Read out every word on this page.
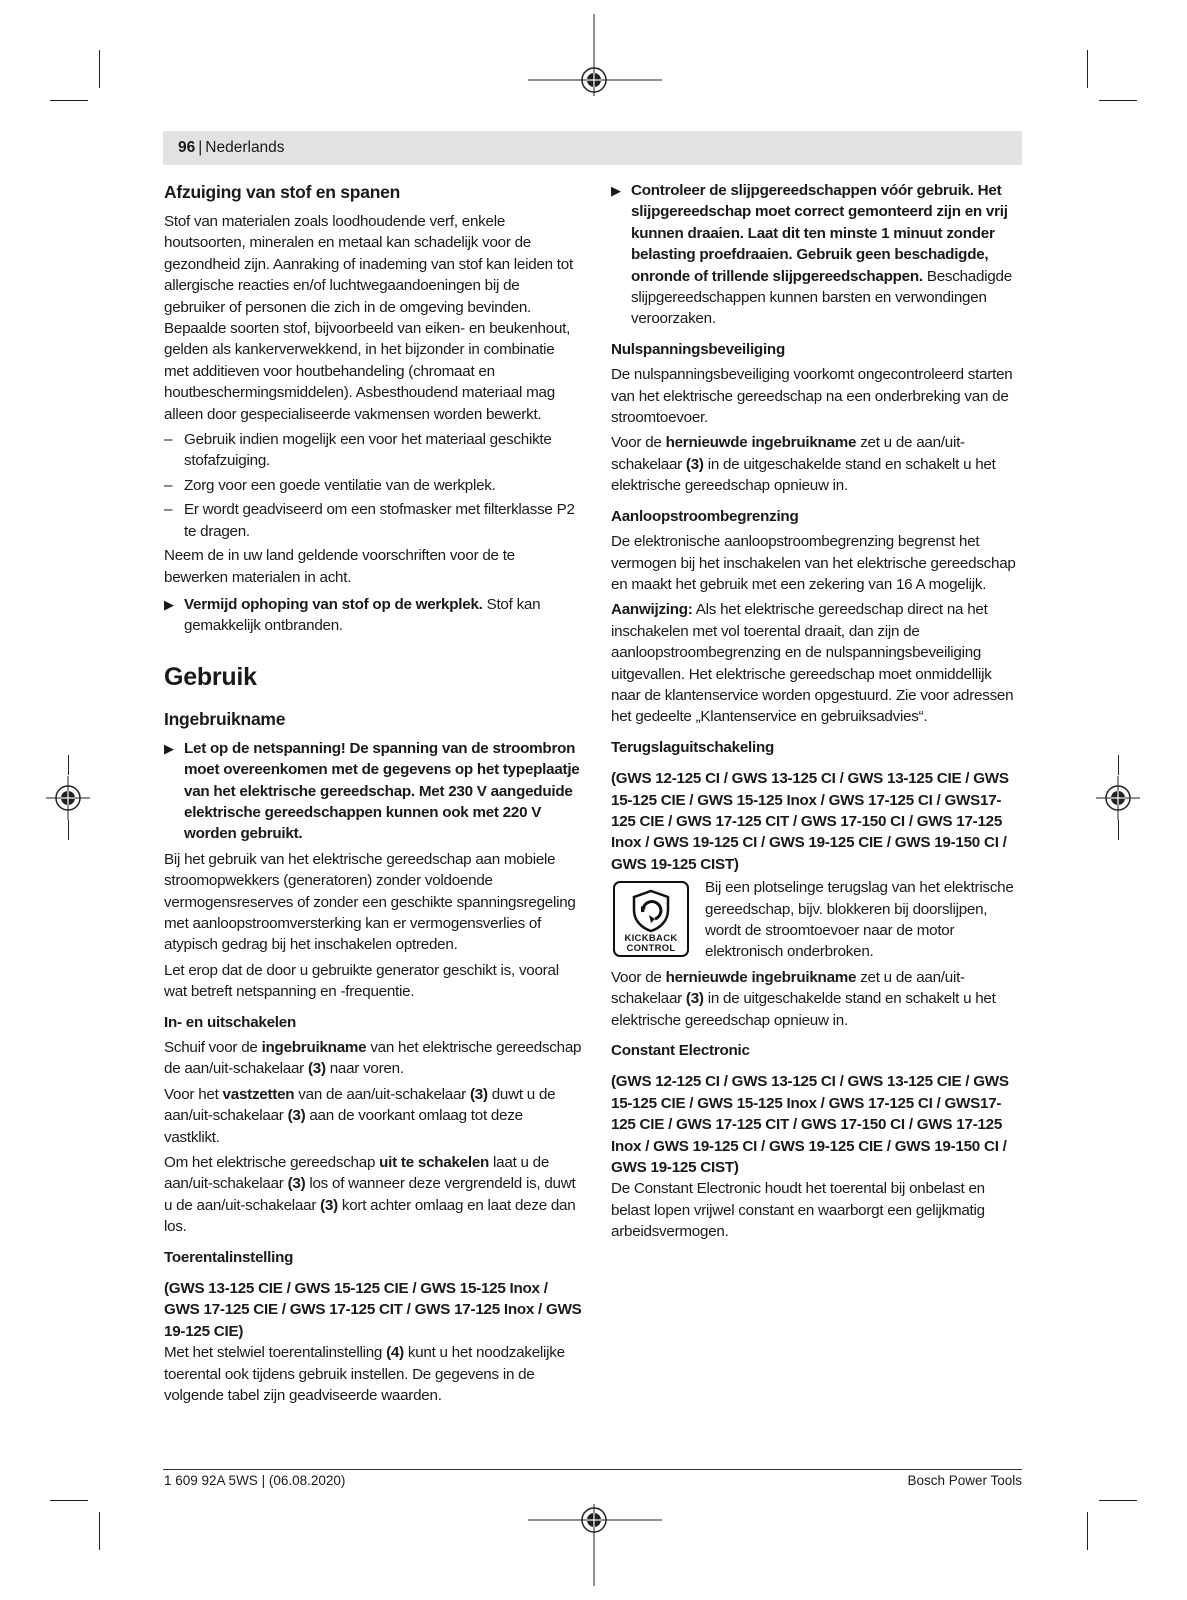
96 | Nederlands
Afzuiging van stof en spanen

Stof van materialen zoals loodhoudende verf, enkele houtsoorten, mineralen en metaal kan schadelijk voor de gezondheid zijn. Aanraking of inademing van stof kan leiden tot allergische reacties en/of luchtwegaandoeningen bij de gebruiker of personen die zich in de omgeving bevinden. Bepaalde soorten stof, bijvoorbeeld van eiken- en beukenhout, gelden als kankerverwekkend, in het bijzonder in combinatie met additieven voor houtbehandeling (chromaat en houtbeschermingsmiddelen). Asbesthoudend materiaal mag alleen door gespecialiseerde vakmensen worden bewerkt.

– Gebruik indien mogelijk een voor het materiaal geschikte stofafzuiging.
– Zorg voor een goede ventilatie van de werkplek.
– Er wordt geadviseerd om een stofmasker met filterklasse P2 te dragen.

Neem de in uw land geldende voorschriften voor de te bewerken materialen in acht.

▶ Vermijd ophoping van stof op de werkplek. Stof kan gemakkelijk ontbranden.
Gebruik
Ingebruikname
▶ Let op de netspanning! De spanning van de stroombron moet overeenkomen met de gegevens op het typeplaatje van het elektrische gereedschap. Met 230 V aangeduide elektrische gereedschappen kunnen ook met 220 V worden gebruikt.

Bij het gebruik van het elektrische gereedschap aan mobiele stroomopwekkers (generatoren) zonder voldoende vermogensreserves of zonder een geschikte spanningsregeling met aanloopstroomversterking kan er vermogensverlies of atypisch gedrag bij het inschakelen optreden.

Let erop dat de door u gebruikte generator geschikt is, vooral wat betreft netspanning en -frequentie.

In- en uitschakelen

Schuif voor de ingebruikname van het elektrische gereedschap de aan/uit-schakelaar (3) naar voren.

Voor het vastzetten van de aan/uit-schakelaar (3) duwt u de aan/uit-schakelaar (3) aan de voorkant omlaag tot deze vastklikt.

Om het elektrische gereedschap uit te schakelen laat u de aan/uit-schakelaar (3) los of wanneer deze vergrendeld is, duwt u de aan/uit-schakelaar (3) kort achter omlaag en laat deze dan los.

Toerentalinstelling
(GWS 13-125 CIE / GWS 15-125 CIE / GWS 15-125 Inox / GWS 17-125 CIE / GWS 17-125 CIT / GWS 17-125 Inox / GWS 19-125 CIE)

Met het stelwiel toerentalinstelling (4) kunt u het noodzakelijke toerental ook tijdens gebruik instellen. De gegevens in de volgende tabel zijn geadviseerde waarden.

▶ Controleer de slijpgereedschappen vóór gebruik. Het slijpgereedschap moet correct gemonteerd zijn en vrij kunnen draaien. Laat dit ten minste 1 minuut zonder belasting proefdraaien. Gebruik geen beschadigde, onronde of trillende slijpgereedschappen. Beschadigde slijpgereedschappen kunnen barsten en verwondingen veroorzaken.
Nulspanningsbeveiliging

De nulspanningsbeveiliging voorkomt ongecontroleerd starten van het elektrische gereedschap na een onderbreking van de stroomtoevoer.

Voor de hernieuwde ingebruikname zet u de aan/uit-schakelaar (3) in de uitgeschakelde stand en schakelt u het elektrische gereedschap opnieuw in.

Aanloopstroombegrenzing

De elektronische aanloopstroombegrenzing begrenst het vermogen bij het inschakelen van het elektrische gereedschap en maakt het gebruik met een zekering van 16 A mogelijk.

Aanwijzing: Als het elektrische gereedschap direct na het inschakelen met vol toerental draait, dan zijn de aanloopstroombegrenzing en de nulspanningsbeveiliging uitgevallen. Het elektrische gereedschap moet onmiddellijk naar de klantenservice worden opgestuurd. Zie voor adressen het gedeelte „Klantenservice en gebruiksadvies“.

Terugslaguitschakeling
(GWS 12-125 CI / GWS 13-125 CI / GWS 13-125 CIE / GWS 15-125 CIE / GWS 15-125 Inox / GWS 17-125 CI / GWS17-125 CIE / GWS 17-125 CIT / GWS 17-150 CI / GWS 17-125 Inox / GWS 19-125 CI / GWS 19-125 CIE / GWS 19-150 CI / GWS 19-125 CIST)
KICKBACK
CONTROL

Bij een plotselinge terugslag van het elektrische gereedschap, bijv. blokkeren bij doorslijpen, wordt de stroomtoevoer naar de motor elektronisch onderbroken.

Voor de hernieuwde ingebruikname zet u de aan/uit-schakelaar (3) in de uitgeschakelde stand en schakelt u het elektrische gereedschap opnieuw in.

Constant Electronic
(GWS 12-125 CI / GWS 13-125 CI / GWS 13-125 CIE / GWS 15-125 CIE / GWS 15-125 Inox / GWS 17-125 CI / GWS17-125 CIE / GWS 17-125 CIT / GWS 17-150 CI / GWS 17-125 Inox / GWS 19-125 CI / GWS 19-125 CIE / GWS 19-150 CI / GWS 19-125 CIST)

De Constant Electronic houdt het toerental bij onbelast en belast lopen vrijwel constant en waarborgt een gelijkmatig arbeidsvermogen.

1 609 92A 5WS | (06.08.2020)	Bosch Power Tools
